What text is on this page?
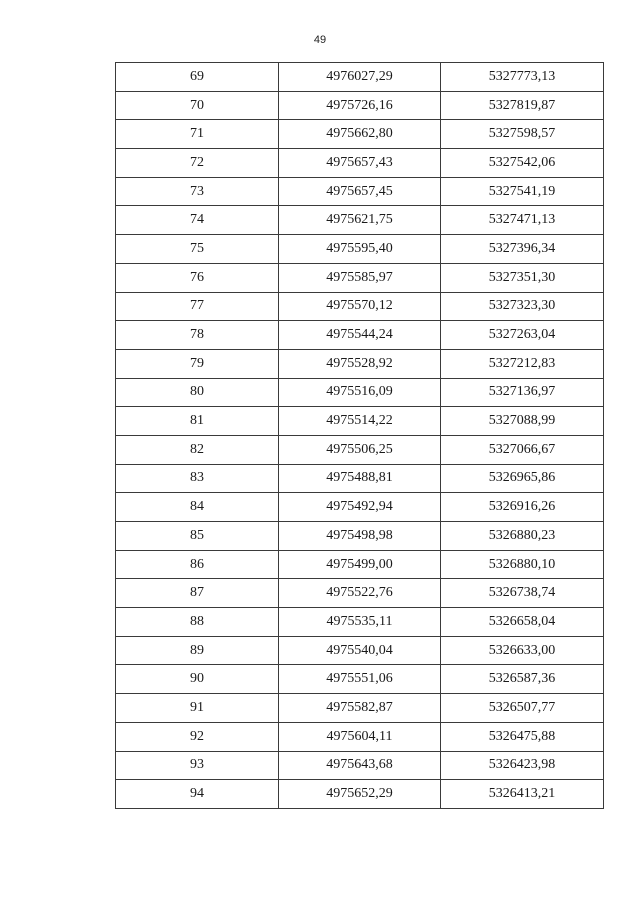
49
69	4976027,29	5327773,13
70	4975726,16	5327819,87
71	4975662,80	5327598,57
72	4975657,43	5327542,06
73	4975657,45	5327541,19
74	4975621,75	5327471,13
75	4975595,40	5327396,34
76	4975585,97	5327351,30
77	4975570,12	5327323,30
78	4975544,24	5327263,04
79	4975528,92	5327212,83
80	4975516,09	5327136,97
81	4975514,22	5327088,99
82	4975506,25	5327066,67
83	4975488,81	5326965,86
84	4975492,94	5326916,26
85	4975498,98	5326880,23
86	4975499,00	5326880,10
87	4975522,76	5326738,74
88	4975535,11	5326658,04
89	4975540,04	5326633,00
90	4975551,06	5326587,36
91	4975582,87	5326507,77
92	4975604,11	5326475,88
93	4975643,68	5326423,98
94	4975652,29	5326413,21
